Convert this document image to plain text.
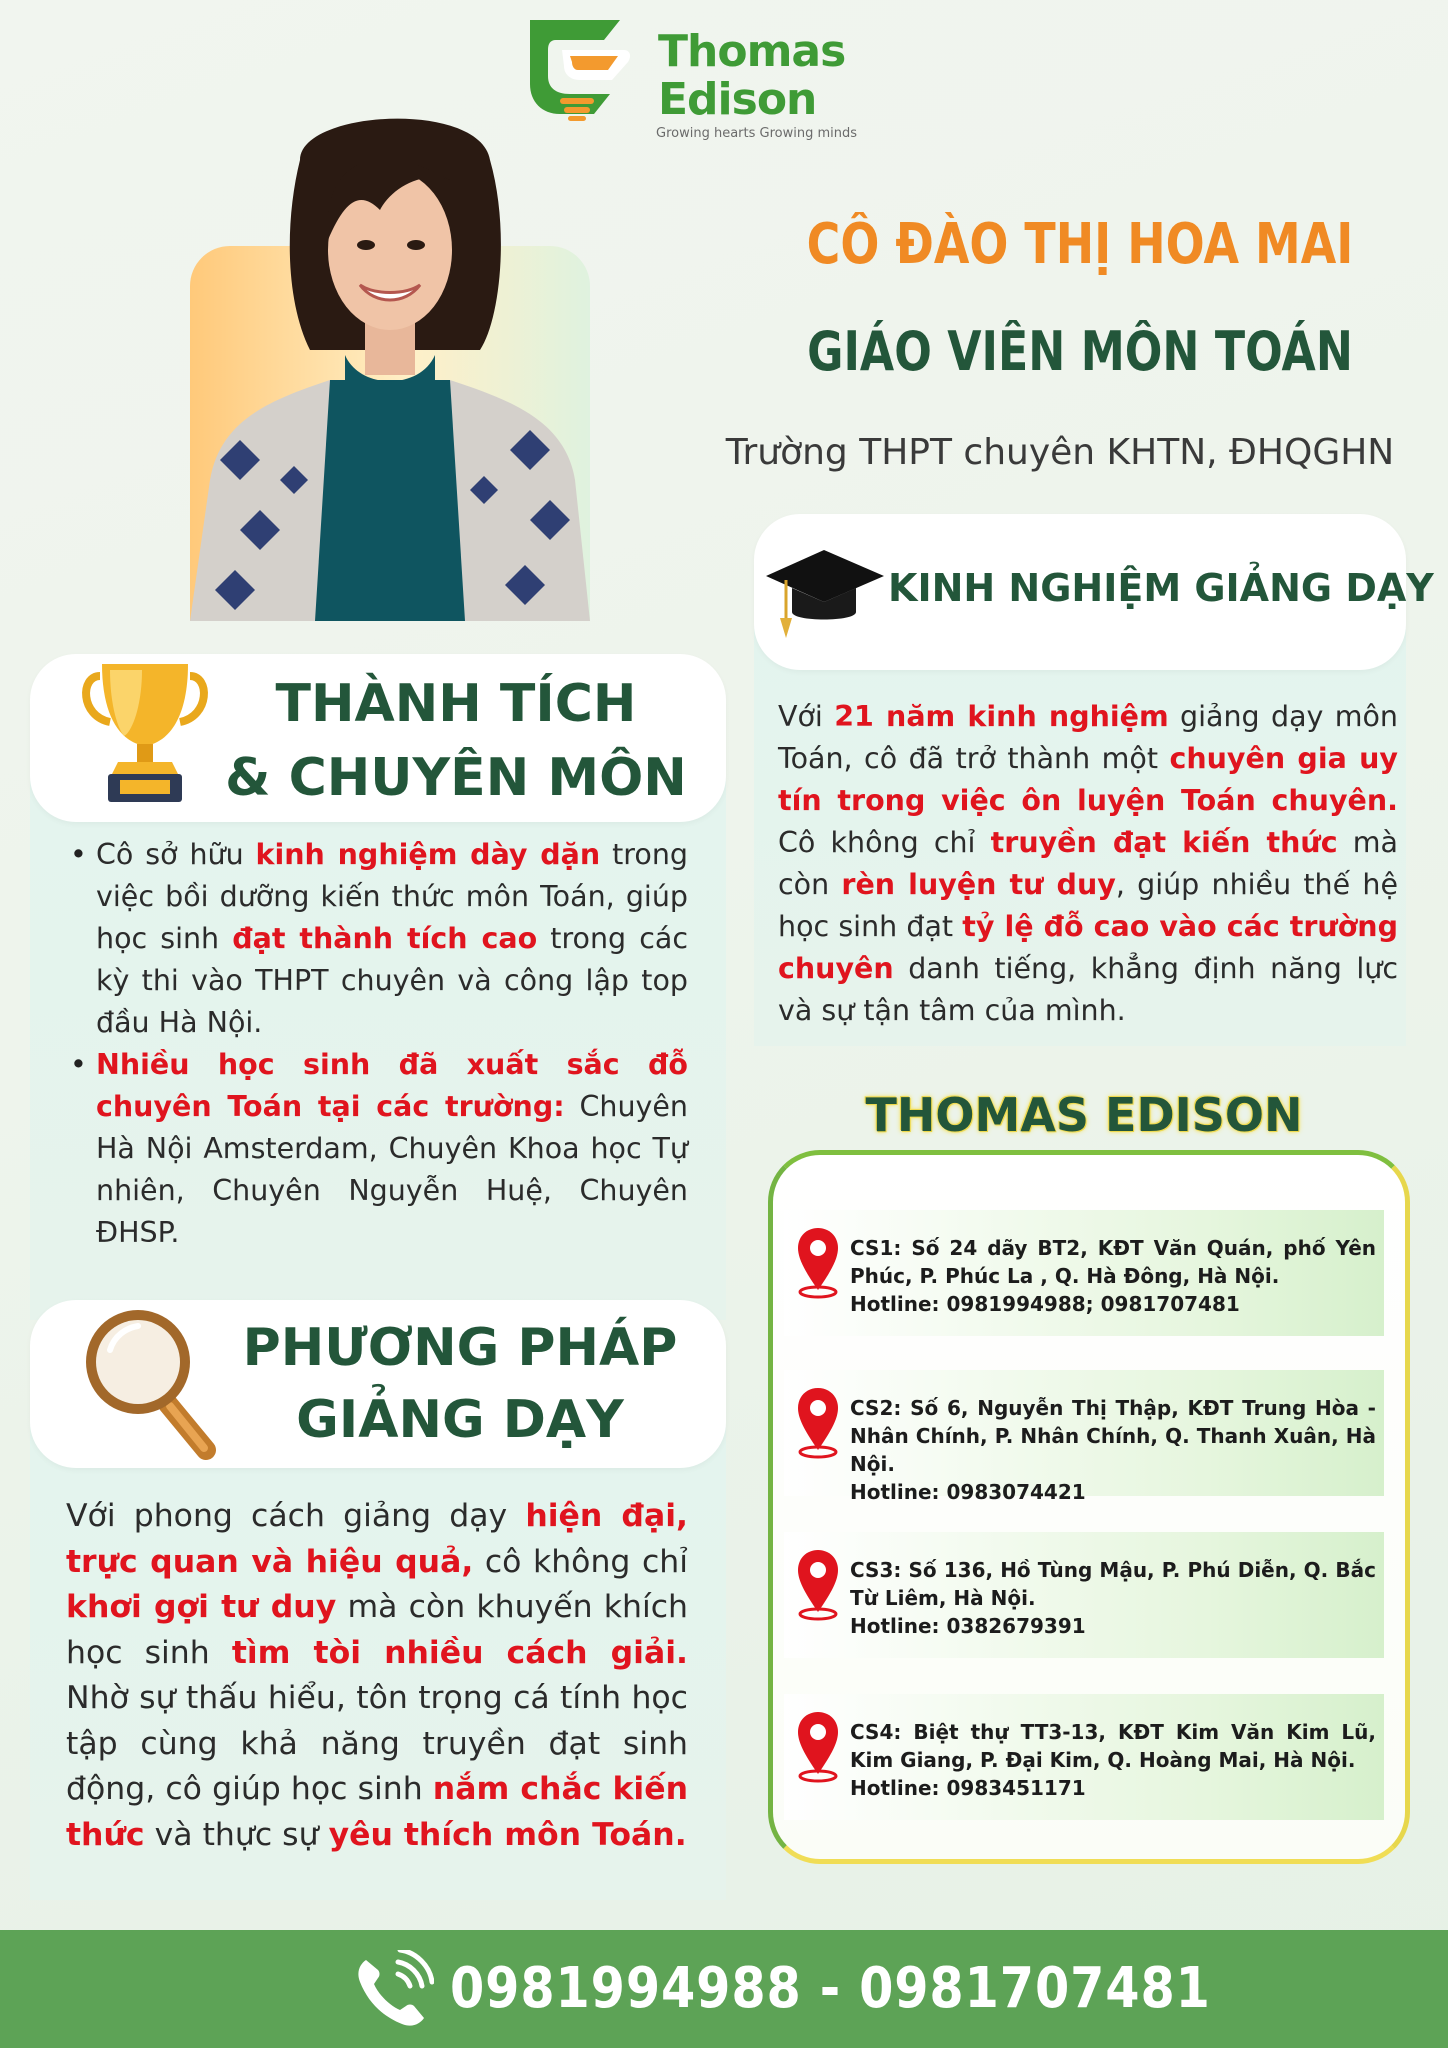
Thomas
Edison
Growing hearts Growing minds
CÔ ĐÀO THỊ HOA MAI
GIÁO VIÊN MÔN TOÁN
Trường THPT chuyên KHTN, ĐHQGHN
THÀNH TÍCH
& CHUYÊN MÔN
• Cô sở hữu kinh nghiệm dày dặn trong việc bồi dưỡng kiến thức môn Toán, giúp học sinh đạt thành tích cao trong các kỳ thi vào THPT chuyên và công lập top đầu Hà Nội.
• Nhiều học sinh đã xuất sắc đỗ chuyên Toán tại các trường: Chuyên Hà Nội Amsterdam, Chuyên Khoa học Tự nhiên, Chuyên Nguyễn Huệ, Chuyên ĐHSP.
PHƯƠNG PHÁP
GIẢNG DẠY

Với phong cách giảng dạy hiện đại, trực quan và hiệu quả, cô không chỉ khơi gợi tư duy mà còn khuyến khích học sinh tìm tòi nhiều cách giải. Nhờ sự thấu hiểu, tôn trọng cá tính học tập cùng khả năng truyền đạt sinh động, cô giúp học sinh nắm chắc kiến thức và thực sự yêu thích môn Toán.

KINH NGHIỆM GIẢNG DẠY

Với 21 năm kinh nghiệm giảng dạy môn Toán, cô đã trở thành một chuyên gia uy tín trong việc ôn luyện Toán chuyên. Cô không chỉ truyền đạt kiến thức mà còn rèn luyện tư duy, giúp nhiều thế hệ học sinh đạt tỷ lệ đỗ cao vào các trường chuyên danh tiếng, khẳng định năng lực và sự tận tâm của mình.

THOMAS EDISON
CS1: Số 24 dãy BT2, KĐT Văn Quán, phố Yên Phúc, P. Phúc La , Q. Hà Đông, Hà Nội.
Hotline: 0981994988; 0981707481
CS2: Số 6, Nguyễn Thị Thập, KĐT Trung Hòa - Nhân Chính, P. Nhân Chính, Q. Thanh Xuân, Hà Nội.
Hotline: 0983074421
CS3: Số 136, Hồ Tùng Mậu, P. Phú Diễn, Q. Bắc Từ Liêm, Hà Nội.
Hotline: 0382679391
CS4: Biệt thự TT3-13, KĐT Kim Văn Kim Lũ, Kim Giang, P. Đại Kim, Q. Hoàng Mai, Hà Nội.
Hotline: 0983451171
0981994988 - 0981707481
